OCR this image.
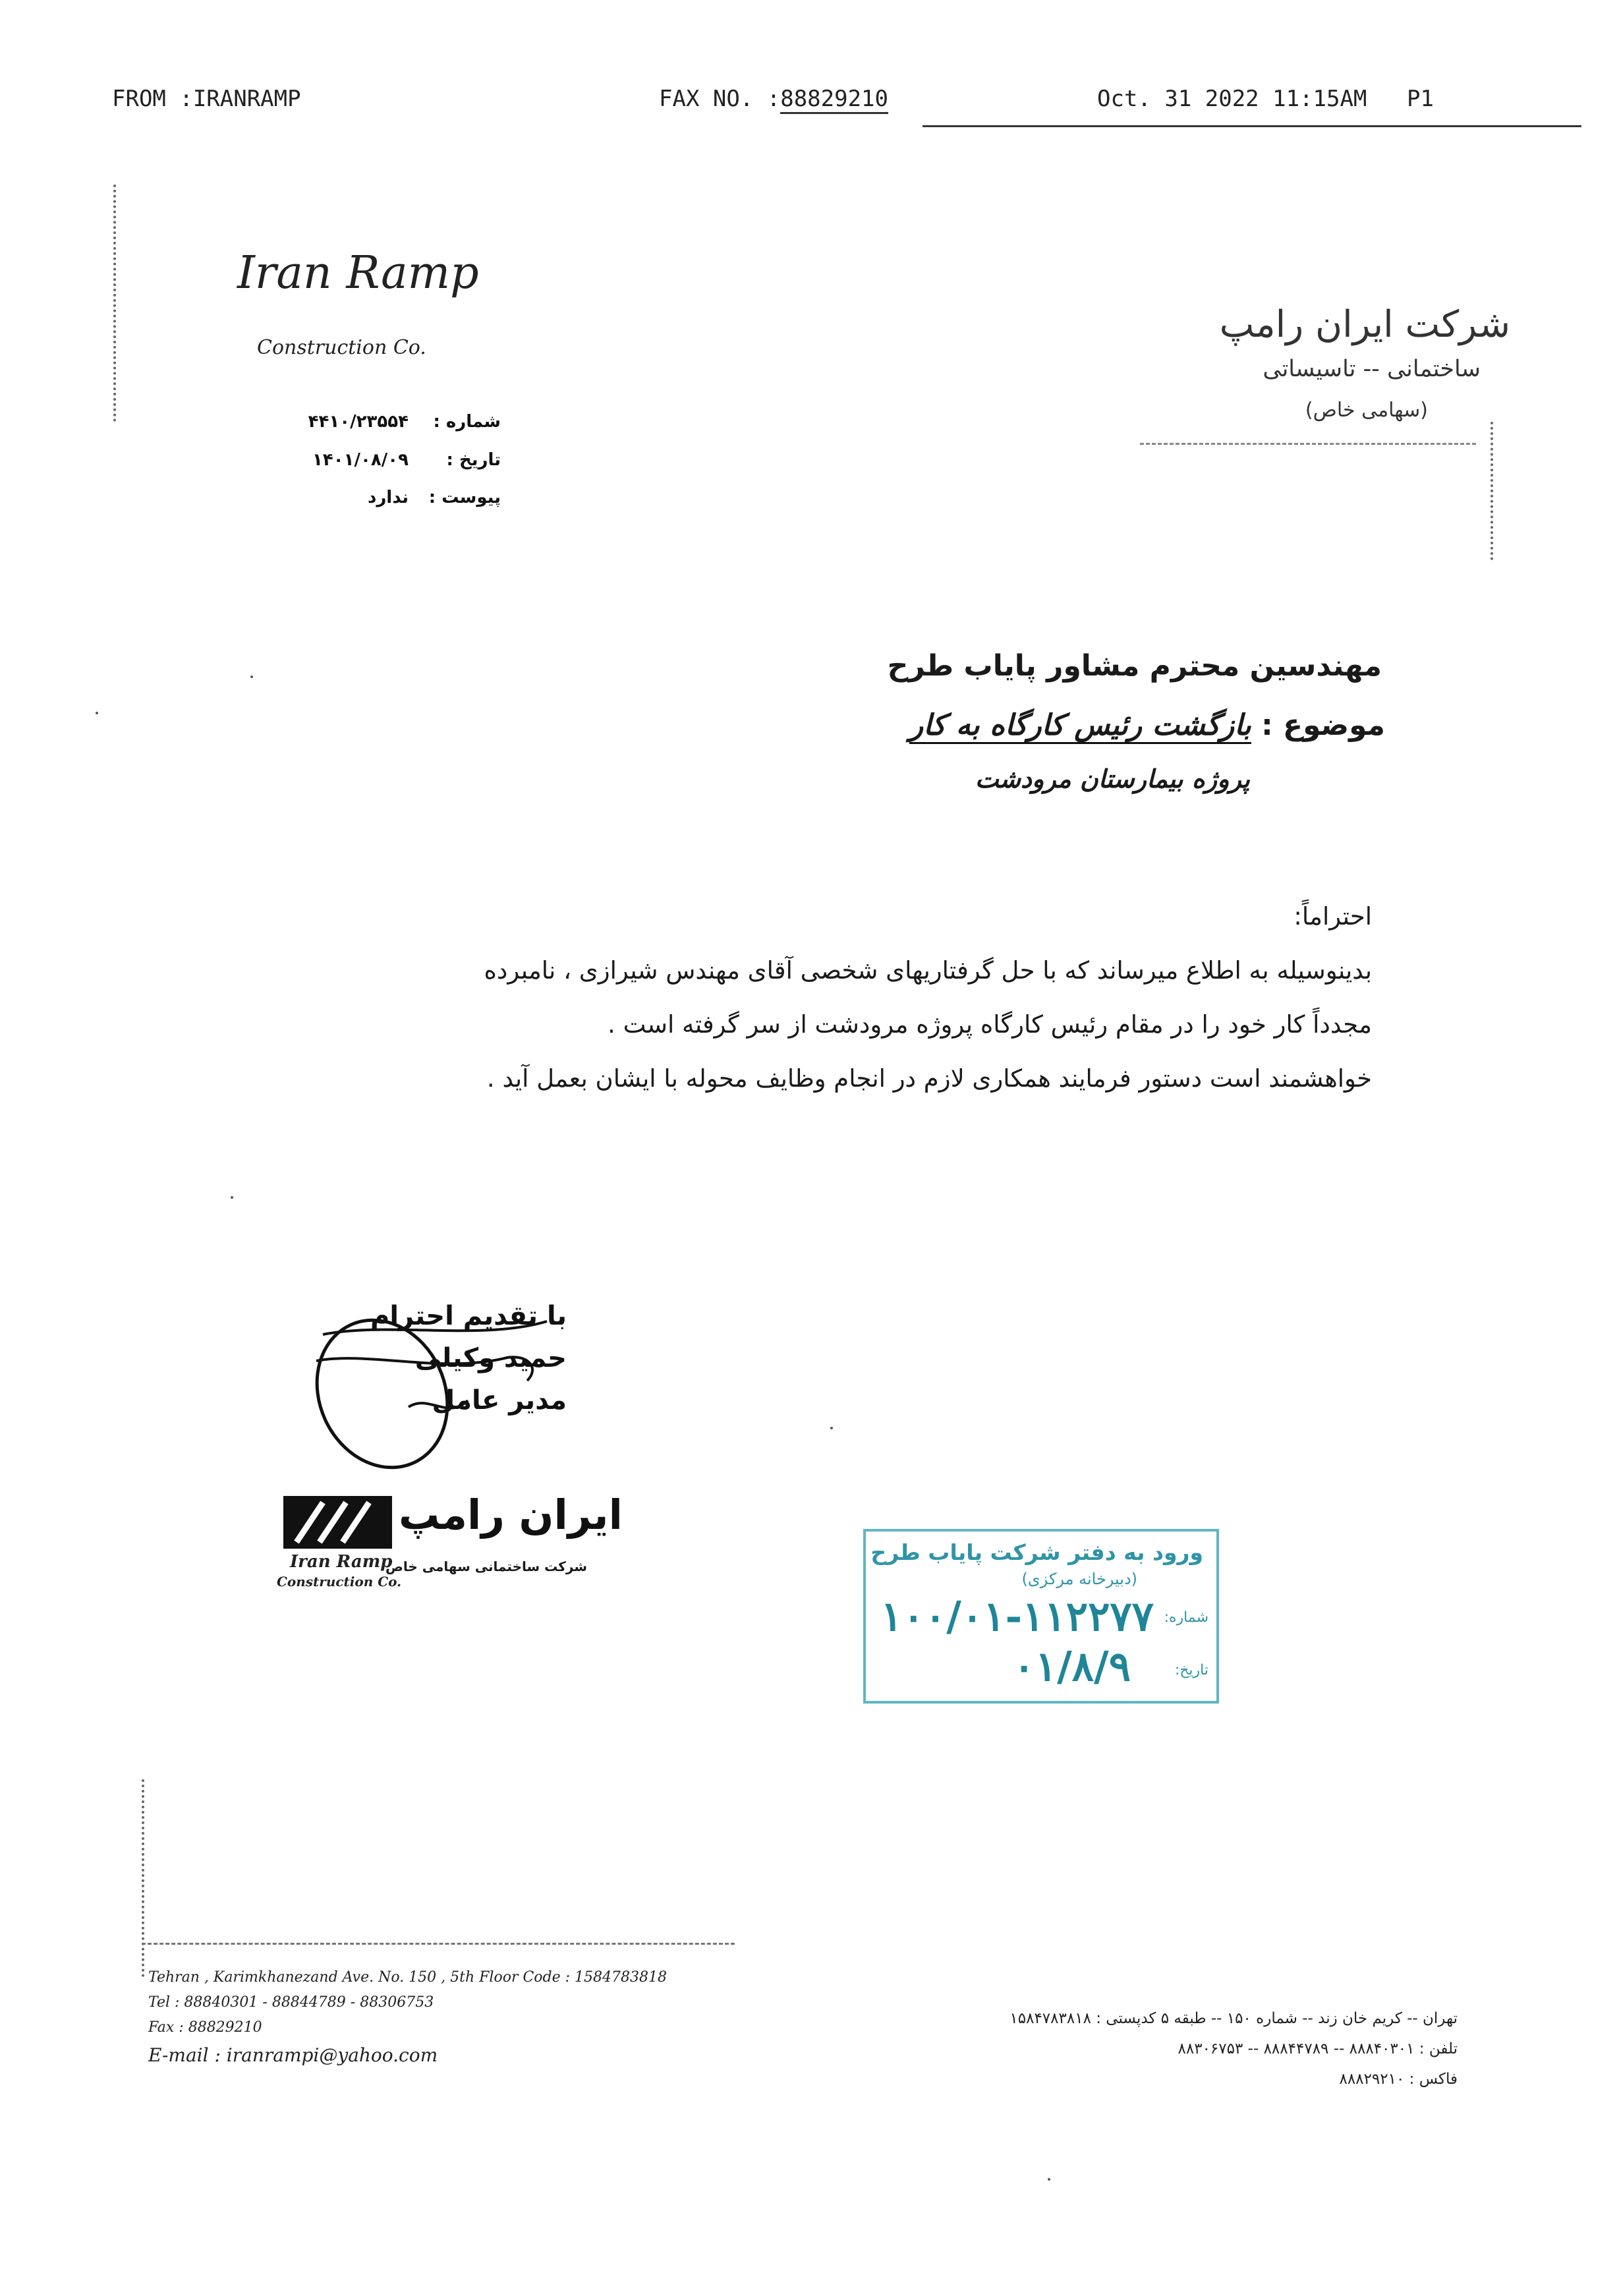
FROM :IRANRAMP	FAX NO. :88829210	Oct. 31 2022 11:15AM P1
Iran Ramp
Construction Co.
شرکت ایران رامپ
ساختمانی -- تاسیساتی
(سهامی خاص)
شماره :
۴۴۱۰/۲۳۵۵۴
تاریخ :
۱۴۰۱/۰۸/۰۹
پیوست :
ندارد
مهندسین محترم مشاور پایاب طرح
موضوع : بازگشت رئیس کارگاه به کار
پروژه بیمارستان مرودشت
احتراماً:
بدینوسیله به اطلاع میرساند که با حل گرفتاریهای شخصی آقای مهندس شیرازی ، نامبرده
مجدداً کار خود را در مقام رئیس کارگاه پروژه مرودشت از سر گرفته است .
خواهشمند است دستور فرمایند همکاری لازم در انجام وظایف محوله با ایشان بعمل آید .
با تقدیم احترام
حمید وکیلی
مدیر عامل
ایران رامپ
Iran Ramp
Construction Co.
شرکت ساختمانی سهامی خاص
ورود به دفتر شرکت پایاب طرح
(دبیرخانه مرکزی)
شماره:
۱۰۰/۰۱-۱۱۲۲۷۷
تاریخ:
۰۱/۸/۹
Tehran , Karimkhanezand Ave. No. 150 , 5th Floor Code : 1584783818
Tel : 88840301 - 88844789 - 88306753
Fax : 88829210
E-mail : iranrampi@yahoo.com
تهران -- کریم خان زند -- شماره ۱۵۰ -- طبقه ۵ کدپستی : ۱۵۸۴۷۸۳۸۱۸
تلفن : ۸۸۸۴۰۳۰۱ -- ۸۸۸۴۴۷۸۹ -- ۸۸۳۰۶۷۵۳
فاکس : ۸۸۸۲۹۲۱۰
